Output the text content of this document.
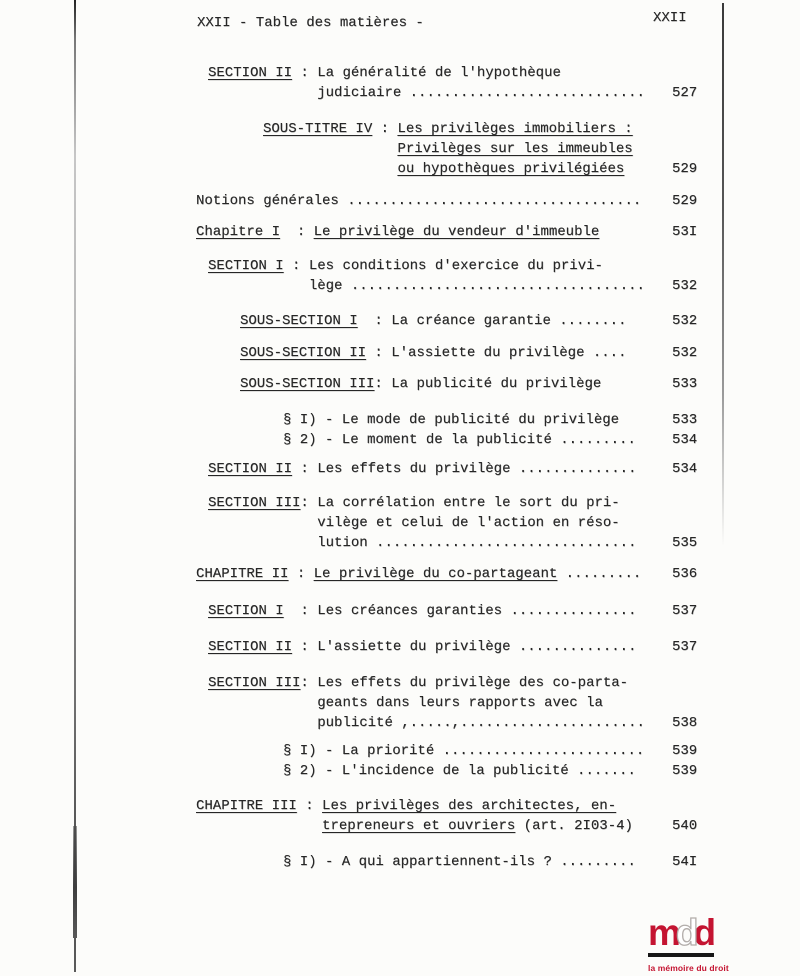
XXII - Table des matières -	XXII
SECTION II : La généralité de l'hypothèque
judiciaire ............................ 527
SOUS-TITRE IV : Les privilèges immobiliers :
Privilèges sur les immeubles
ou hypothèques privilégiées	529
Notions générales ................................... 529
Chapitre I : Le privilège du vendeur d'immeuble	53I
SECTION I : Les conditions d'exercice du privi-
lège ................................... 532
SOUS-SECTION I : La créance garantie ........	532
SOUS-SECTION II : L'assiette du privilège ....	532
SOUS-SECTION III : La publicité du privilège	533
§ I) - Le mode de publicité du privilège	533
§ 2) - Le moment de la publicité .........	534
SECTION II : Les effets du privilège ..............	534
SECTION III : La corrélation entre le sort du pri-
vilège et celui de l'action en réso-
lution ...............................	535
CHAPITRE II : Le privilège du co-partageant ......... 536
SECTION I : Les créances garanties ...............	537
SECTION II : L'assiette du privilège ..............	537
SECTION III : Les effets du privilège des co-parta-
geants dans leurs rapports avec la
publicité ,.....,...................... 538
§ I) - La priorité ........................ 539
§ 2) - L'incidence de la publicité .......	539
CHAPITRE III : Les privilèges des architectes, en-
trepreneurs et ouvriers (art. 2I03-4)	540
§ I) - A qui appartiennent-ils ? .........	54I
mdd
la mémoire du droit
